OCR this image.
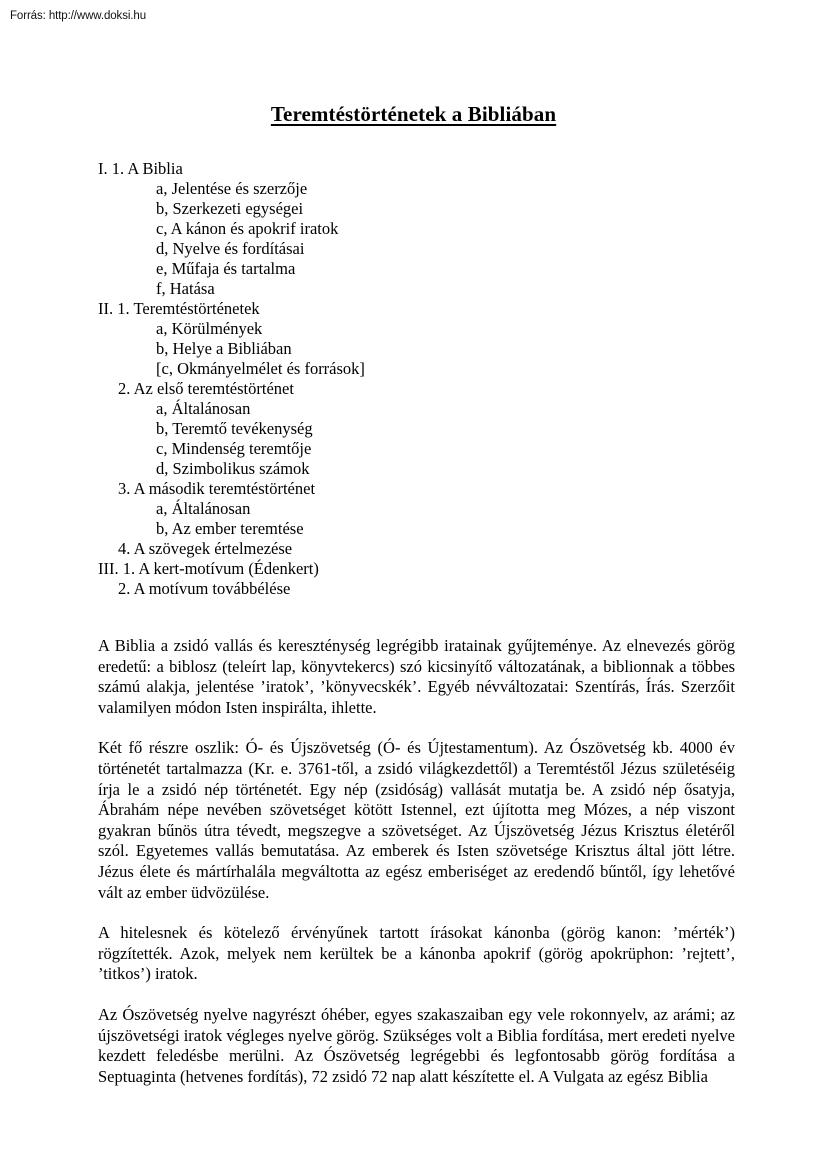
Forrás: http://www.doksi.hu
Teremtéstörténetek a Bibliában
I. 1. A Biblia
a, Jelentése és szerzője
b, Szerkezeti egységei
c, A kánon és apokrif iratok
d, Nyelve és fordításai
e, Műfaja és tartalma
f, Hatása
II. 1. Teremtéstörténetek
a, Körülmények
b, Helye a Bibliában
[c, Okmányelmélet és források]
2. Az első teremtéstörténet
a, Általánosan
b, Teremtő tevékenység
c, Mindenség teremtője
d, Szimbolikus számok
3. A második teremtéstörténet
a, Általánosan
b, Az ember teremtése
4. A szövegek értelmezése
III. 1. A kert-motívum (Édenkert)
2. A motívum továbbélése

A Biblia a zsidó vallás és kereszténység legrégibb iratainak gyűjteménye. Az elnevezés görög eredetű: a biblosz (teleírt lap, könyvtekercs) szó kicsinyítő változatának, a biblionnak a többes számú alakja, jelentése ’iratok’, ’könyvecskék’. Egyéb névváltozatai: Szentírás, Írás. Szerzőit valamilyen módon Isten inspirálta, ihlette.

Két fő részre oszlik: Ó- és Újszövetség (Ó- és Újtestamentum). Az Ószövetség kb. 4000 év történetét tartalmazza (Kr. e. 3761-től, a zsidó világkezdettől) a Teremtéstől Jézus születéséig írja le a zsidó nép történetét. Egy nép (zsidóság) vallását mutatja be. A zsidó nép ősatyja, Ábrahám népe nevében szövetséget kötött Istennel, ezt újította meg Mózes, a nép viszont gyakran bűnös útra tévedt, megszegve a szövetséget. Az Újszövetség Jézus Krisztus életéről szól. Egyetemes vallás bemutatása. Az emberek és Isten szövetsége Krisztus által jött létre. Jézus élete és mártírhalála megváltotta az egész emberiséget az eredendő bűntől, így lehetővé vált az ember üdvözülése.

A hitelesnek és kötelező érvényűnek tartott írásokat kánonba (görög kanon: ’mérték’) rögzítették. Azok, melyek nem kerültek be a kánonba apokrif (görög apokrüphon: ’rejtett’, ’titkos’) iratok.

Az Ószövetség nyelve nagyrészt óhéber, egyes szakaszaiban egy vele rokonnyelv, az arámi; az újszövetségi iratok végleges nyelve görög. Szükséges volt a Biblia fordítása, mert eredeti nyelve kezdett feledésbe merülni. Az Ószövetség legrégebbi és legfontosabb görög fordítása a Septuaginta (hetvenes fordítás), 72 zsidó 72 nap alatt készítette el. A Vulgata az egész Biblia
